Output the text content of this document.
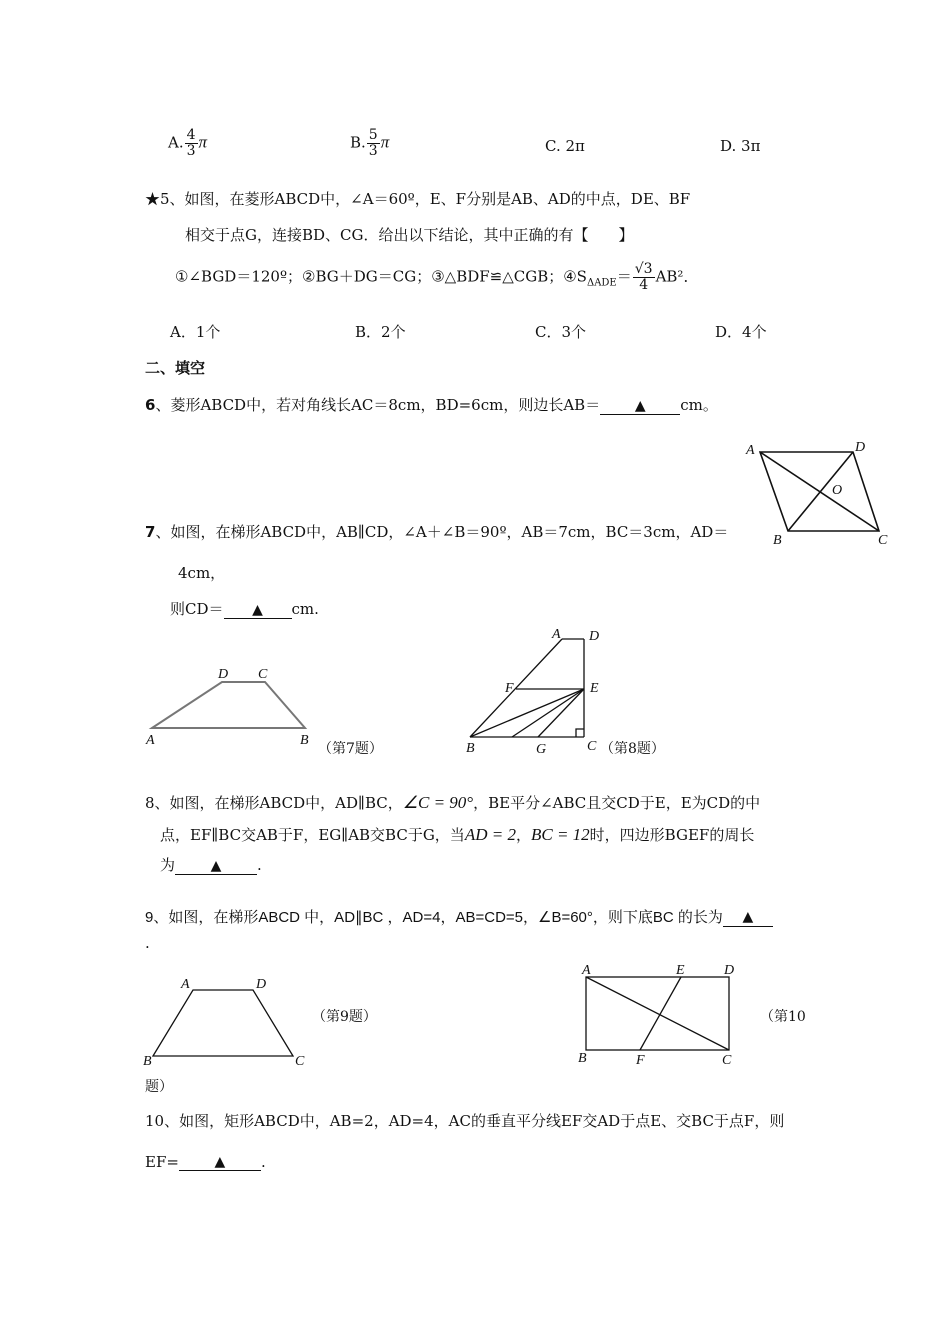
A. $\frac{4}{3}$ π	B. $\frac{5}{3}$ π	C. 2π	D. 3π
★5、如图，在菱形ABCD中，∠A＝60º，E、F分别是AB、AD的中点，DE、BF
相交于点G，连接BD、CG．给出以下结论，其中正确的有【　　】
①∠BGD＝120º；②BG＋DG＝CG；③△BDF≌△CGB；$④S_{\Delta ADE}= \frac{√3}{4} AB^2$．
A．1个	B．2个	C．3个	D．4个
二、填空
6、菱形ABCD中，若对角线长AC＝8cm，BD=6cm，则边长AB＝ ▲ cm。
A	D
O
B	C
7、如图，在梯形ABCD中，AB∥CD，∠A＋∠B＝90º，AB＝7cm，BC＝3cm，AD＝
4cm，
则CD＝ ▲ cm.
D C
A	B
（第7题）
A D
F	E
B	G	C （第8题）
8、如图，在梯形ABCD中，AD∥BC，∠C = 90°，BE平分∠ABC且交CD于E，E为CD的中
点，EF∥BC交AB于F，EG∥AB交BC于G，当AD = 2，BC = 12时，四边形BGEF的周长
为	▲ .
9、如图，在梯形ABCD 中，AD∥BC ，AD=4，AB=CD=5，∠B=60°，则下底BC 的长为 ▲
.
A	D
B	C
（第9题）
A	E	D
B	F	C
（第10
题）
10、如图，矩形ABCD中，AB=2，AD=4，AC的垂直平分线EF交AD于点E、交BC于点F，则
EF=	▲ .
